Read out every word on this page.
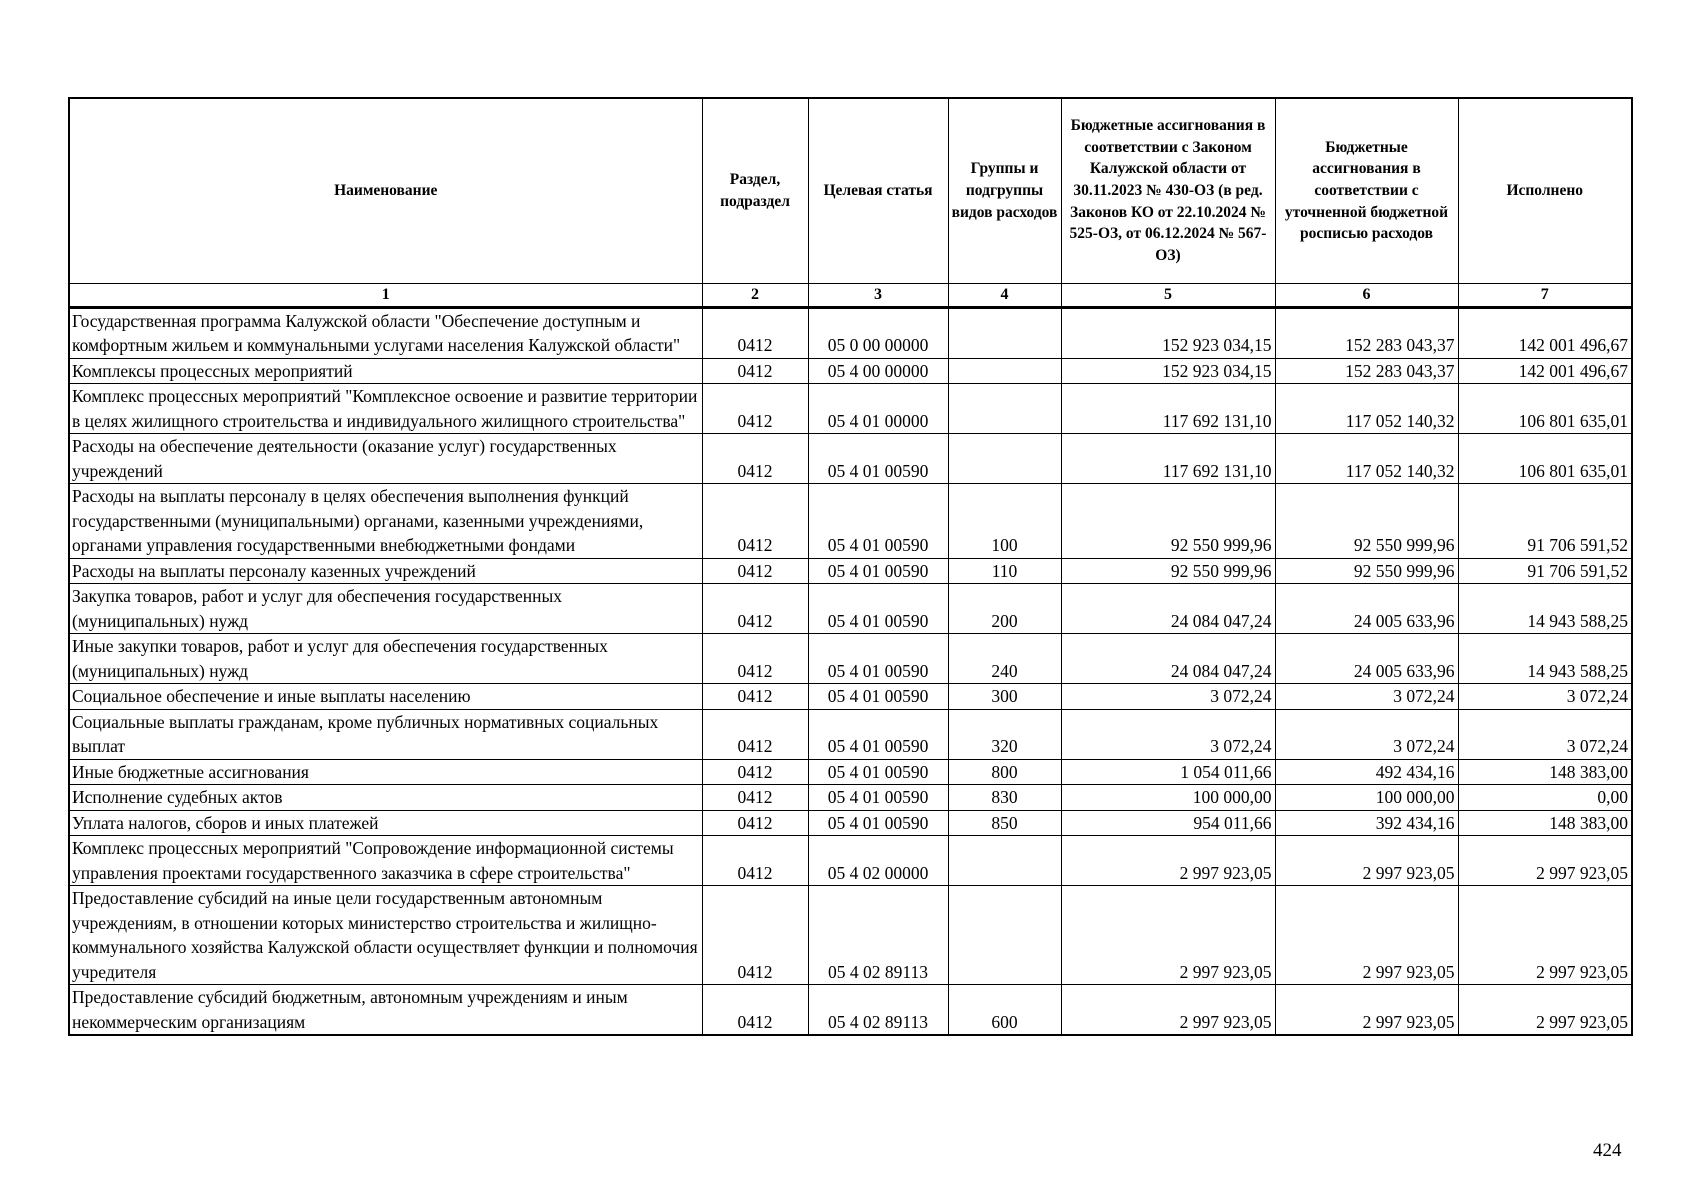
Наименование	Раздел, подраздел	Целевая статья	Группы и подгруппы видов расходов	Бюджетные ассигнования в соответствии с Законом Калужской области от 30.11.2023 № 430-ОЗ (в ред. Законов КО от 22.10.2024 № 525-ОЗ, от 06.12.2024 № 567-ОЗ)	Бюджетные ассигнования в соответствии с уточненной бюджетной росписью расходов	Исполнено
1	2	3	4	5	6	7
Государственная программа Калужской области "Обеспечение доступным и комфортным жильем и коммунальными услугами населения Калужской области"	0412	05 0 00 00000		152 923 034,15	152 283 043,37	142 001 496,67
Комплексы процессных мероприятий	0412	05 4 00 00000		152 923 034,15	152 283 043,37	142 001 496,67
Комплекс процессных мероприятий "Комплексное освоение и развитие территории в целях жилищного строительства и индивидуального жилищного строительства"	0412	05 4 01 00000		117 692 131,10	117 052 140,32	106 801 635,01
Расходы на обеспечение деятельности (оказание услуг) государственных учреждений	0412	05 4 01 00590		117 692 131,10	117 052 140,32	106 801 635,01
Расходы на выплаты персоналу в целях обеспечения выполнения функций государственными (муниципальными) органами, казенными учреждениями, органами управления государственными внебюджетными фондами	0412	05 4 01 00590	100	92 550 999,96	92 550 999,96	91 706 591,52
Расходы на выплаты персоналу казенных учреждений	0412	05 4 01 00590	110	92 550 999,96	92 550 999,96	91 706 591,52
Закупка товаров, работ и услуг для обеспечения государственных (муниципальных) нужд	0412	05 4 01 00590	200	24 084 047,24	24 005 633,96	14 943 588,25
Иные закупки товаров, работ и услуг для обеспечения государственных (муниципальных) нужд	0412	05 4 01 00590	240	24 084 047,24	24 005 633,96	14 943 588,25
Социальное обеспечение и иные выплаты населению	0412	05 4 01 00590	300	3 072,24	3 072,24	3 072,24
Социальные выплаты гражданам, кроме публичных нормативных социальных выплат	0412	05 4 01 00590	320	3 072,24	3 072,24	3 072,24
Иные бюджетные ассигнования	0412	05 4 01 00590	800	1 054 011,66	492 434,16	148 383,00
Исполнение судебных актов	0412	05 4 01 00590	830	100 000,00	100 000,00	0,00
Уплата налогов, сборов и иных платежей	0412	05 4 01 00590	850	954 011,66	392 434,16	148 383,00
Комплекс процессных мероприятий "Сопровождение информационной системы управления проектами государственного заказчика в сфере строительства"	0412	05 4 02 00000		2 997 923,05	2 997 923,05	2 997 923,05
Предоставление субсидий на иные цели государственным автономным учреждениям, в отношении которых министерство строительства и жилищно-коммунального хозяйства Калужской области осуществляет функции и полномочия учредителя	0412	05 4 02 89113		2 997 923,05	2 997 923,05	2 997 923,05
Предоставление субсидий бюджетным, автономным учреждениям и иным некоммерческим организациям	0412	05 4 02 89113	600	2 997 923,05	2 997 923,05	2 997 923,05
424
